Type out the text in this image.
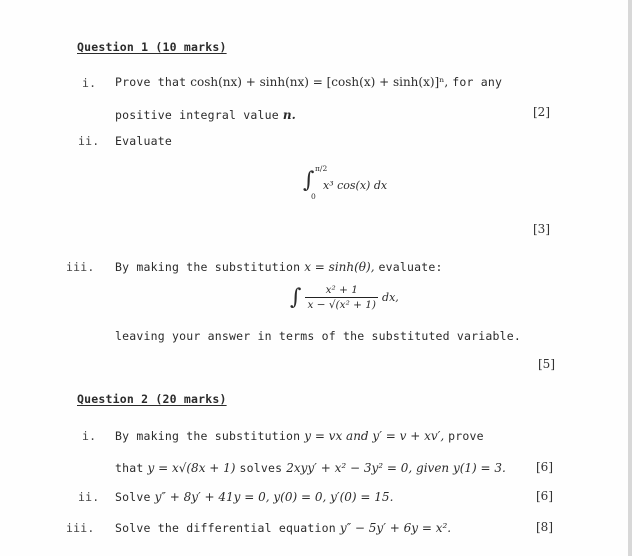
Question 1 (10 marks)
i. Prove that cosh(nx) + sinh(nx) = [cosh(x) + sinh(x)]ⁿ, for any
positive integral value n.	[2]
ii. Evaluate
∫ π/2
0
x³ cos(x) dx
[3]
iii. By making the substitution x = sinh(θ), evaluate:
∫ $\frac{\text{x² + 1}}{\text{x − √(x² + 1)}}$ dx,
leaving your answer in terms of the substituted variable.
[5]
Question 2 (20 marks)
i. By making the substitution y = vx and y′ = v + xv′, prove
that y = x√(8x + 1) solves 2xyy′ + x² − 3y² = 0, given y(1) = 3.	[6]
ii. Solve y″ + 8y′ + 41y = 0, y(0) = 0, y′(0) = 15.	[6]
iii. Solve the differential equation y″ − 5y′ + 6y = x².	[8]
